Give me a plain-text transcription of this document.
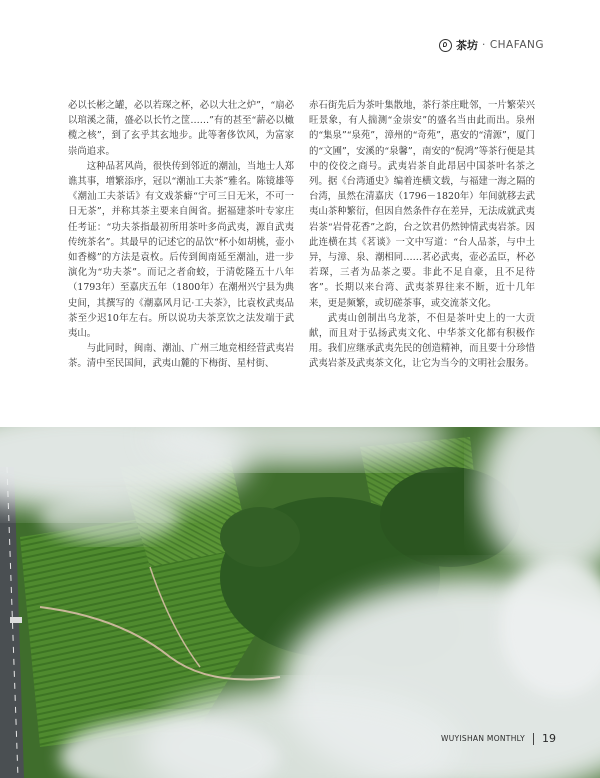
茶坊 · CHAFANG

必以长彬之罐，必以若琛之杯，必以大壮之炉”，“扇必以琯溪之蒲，盛必以长竹之筐……”有的甚至“薪必以橄榄之核”，到了玄乎其玄地步。此等奢侈饮风，为富家崇尚追求。

这种品茗风尚，很快传到邻近的潮汕，当地士人郑谯其事，增繁添序，冠以“潮汕工夫茶”雅名。陈镜雄等《潮汕工夫茶话》有文戏茶癖“宁可三日无米，不可一日无茶”，并称其茶主要来自闽省。据福建茶叶专家庄任考证：“功夫茶指最初所用茶叶多尚武夷，源自武夷传统茶名”。其最早的记述它的品饮“杯小如胡桃，壶小如香橼”的方法是袁枚。后传到闽南延至潮汕，进一步演化为“功夫茶”。而记之者俞蛟，于清乾隆五十八年（1793年）至嘉庆五年（1800年）在潮州兴宁县为典史间，其撰写的《潮嘉风月记·工夫茶》，比袁枚武夷品茶至少迟10年左右。所以说功夫茶烹饮之法发端于武夷山。

与此同时，闽南、潮汕、广州三地竞相经营武夷岩茶。清中至民国间，武夷山麓的下梅街、星村街、

赤石街先后为茶叶集散地，茶行茶庄毗邻，一片繁荣兴旺景象，有人揣测“金崇安”的盛名当由此而出。泉州的“集泉”“泉苑”，漳州的“奇苑”，惠安的“清源”，厦门的“文圃”，安溪的“泉馨”，南安的“倪鸿”等茶行便是其中的佼佼之商号。武夷岩茶自此昂居中国茶叶名茶之列。据《台湾通史》编着连横文载，与福建一海之隔的台湾，虽然在清嘉庆（1796－1820年）年间就移去武夷山茶种繁衍，但因自然条件存在差异，无法成就武夷岩茶“岩骨花香”之韵，台之饮君仍然钟情武夷岩茶。因此连横在其《茗谈》一文中写道：“台人品茶，与中土异，与漳、泉、潮相同……茗必武夷，壶必孟臣，杯必若琛，三者为品茶之要。非此不足自豪，且不足待客”。长期以来台湾、武夷茶界往来不断，近十几年来，更是频繁，或切磋茶事，或交流茶文化。

武夷山创制出乌龙茶，不但是茶叶史上的一大贡献，而且对于弘扬武夷文化、中华茶文化都有积极作用。我们应继承武夷先民的创造精神，而且要十分珍惜武夷岩茶及武夷茶文化，让它为当今的文明社会服务。

WUYISHAN MONTHLY 19
